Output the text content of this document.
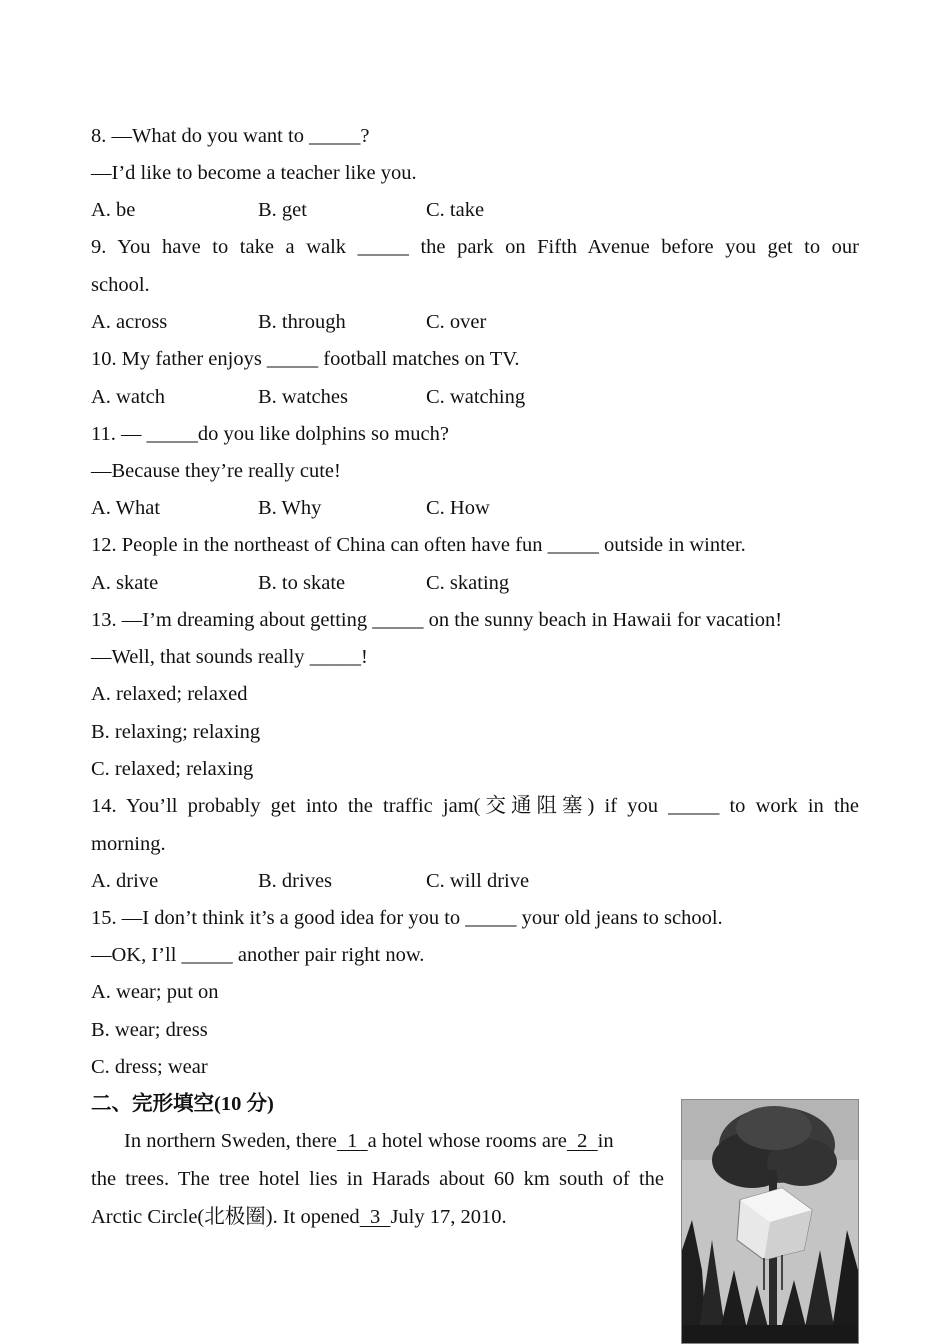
8. —What do you want to _____?
—I’d like to become a teacher like you.

A. be

	B. get

	C. take

9. You have to take a walk _____ the park on Fifth Avenue before you get to our
school.

A. across

	B. through

	C. over

10. My father enjoys _____ football matches on TV.

A. watch

	B. watches

	C. watching

11. — _____do you like dolphins so much?
—Because they’re really cute!

A. What

	B. Why

	C. How

12. People in the northeast of China can often have fun _____ outside in winter.

A. skate

	B. to skate

	C. skating

13. —I’m dreaming about getting _____ on the sunny beach in Hawaii for vacation!
—Well, that sounds really _____!
A. relaxed; relaxed
B. relaxing; relaxing
C. relaxed; relaxing
14. You’ll probably get into the traffic jam(交通阻塞) if you _____ to work in the
morning.

A. drive

	B. drives

	C. will drive

15. —I don’t think it’s a good idea for you to _____ your old jeans to school.
—OK, I’ll _____ another pair right now.
A. wear; put on
B. wear; dress
C. dress; wear
二、完形填空(10 分)
In northern Sweden, there  1  a hotel whose rooms are  2  in
the trees. The tree hotel lies in Harads about 60 km south of the
Arctic Circle(北极圈). It opened  3  July 17, 2010.
